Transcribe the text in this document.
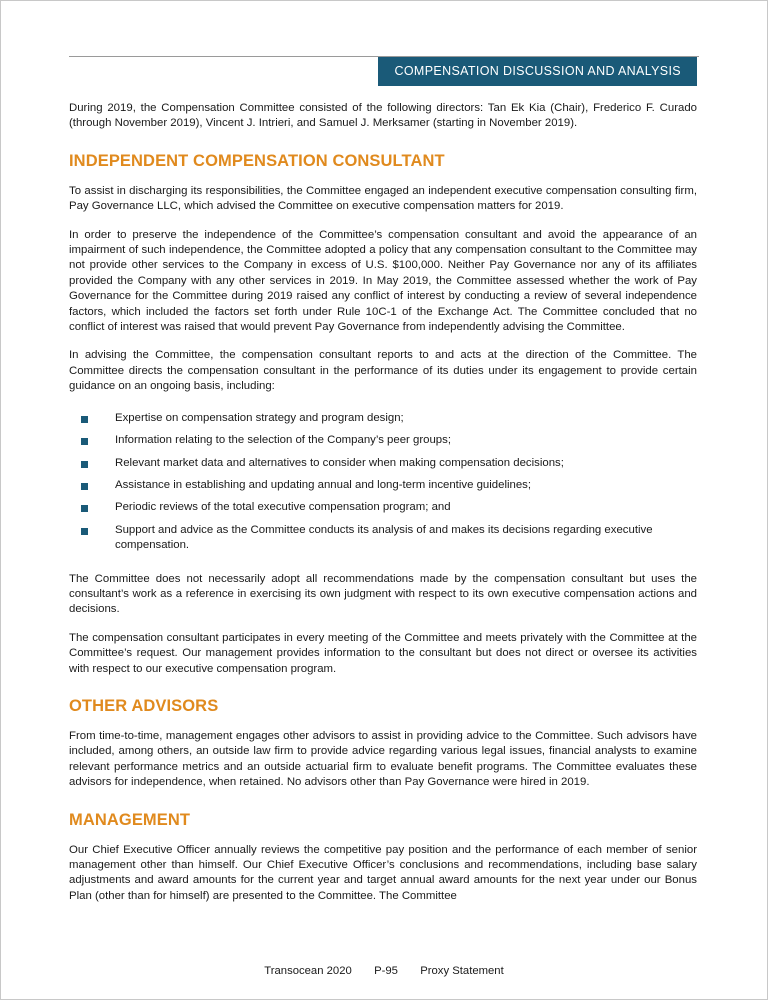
COMPENSATION DISCUSSION AND ANALYSIS

During 2019, the Compensation Committee consisted of the following directors: Tan Ek Kia (Chair), Frederico F. Curado (through November 2019), Vincent J. Intrieri, and Samuel J. Merksamer (starting in November 2019).

INDEPENDENT COMPENSATION CONSULTANT

To assist in discharging its responsibilities, the Committee engaged an independent executive compensation consulting firm, Pay Governance LLC, which advised the Committee on executive compensation matters for 2019.

In order to preserve the independence of the Committee’s compensation consultant and avoid the appearance of an impairment of such independence, the Committee adopted a policy that any compensation consultant to the Committee may not provide other services to the Company in excess of U.S. $100,000. Neither Pay Governance nor any of its affiliates provided the Company with any other services in 2019. In May 2019, the Committee assessed whether the work of Pay Governance for the Committee during 2019 raised any conflict of interest by conducting a review of several independence factors, which included the factors set forth under Rule 10C-1 of the Exchange Act. The Committee concluded that no conflict of interest was raised that would prevent Pay Governance from independently advising the Committee.

In advising the Committee, the compensation consultant reports to and acts at the direction of the Committee. The Committee directs the compensation consultant in the performance of its duties under its engagement to provide certain guidance on an ongoing basis, including:

Expertise on compensation strategy and program design;
Information relating to the selection of the Company’s peer groups;
Relevant market data and alternatives to consider when making compensation decisions;
Assistance in establishing and updating annual and long-term incentive guidelines;
Periodic reviews of the total executive compensation program; and
Support and advice as the Committee conducts its analysis of and makes its decisions regarding executive compensation.

The Committee does not necessarily adopt all recommendations made by the compensation consultant but uses the consultant’s work as a reference in exercising its own judgment with respect to its own executive compensation actions and decisions.

The compensation consultant participates in every meeting of the Committee and meets privately with the Committee at the Committee’s request. Our management provides information to the consultant but does not direct or oversee its activities with respect to our executive compensation program.

OTHER ADVISORS

From time-to-time, management engages other advisors to assist in providing advice to the Committee. Such advisors have included, among others, an outside law firm to provide advice regarding various legal issues, financial analysts to examine relevant performance metrics and an outside actuarial firm to evaluate benefit programs. The Committee evaluates these advisors for independence, when retained. No advisors other than Pay Governance were hired in 2019.

MANAGEMENT

Our Chief Executive Officer annually reviews the competitive pay position and the performance of each member of senior management other than himself. Our Chief Executive Officer’s conclusions and recommendations, including base salary adjustments and award amounts for the current year and target annual award amounts for the next year under our Bonus Plan (other than for himself) are presented to the Committee. The Committee

Transocean 2020 P-95 Proxy Statement
